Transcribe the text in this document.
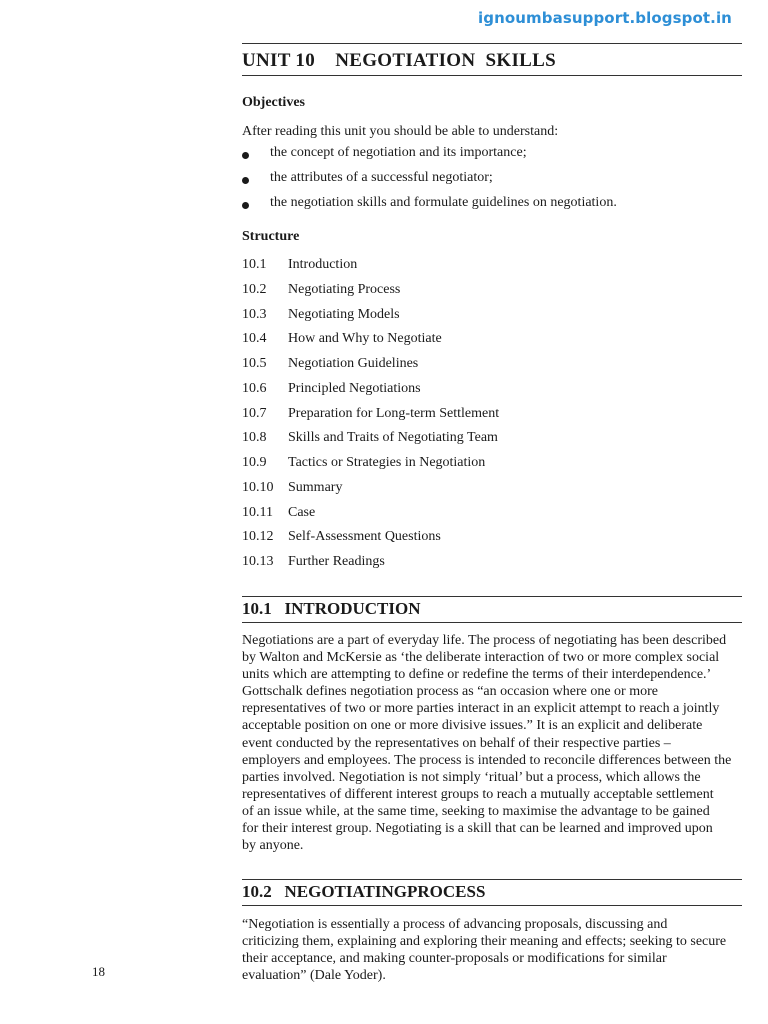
ignoumbasupport.blogspot.in
UNIT 10    NEGOTIATION  SKILLS
Objectives
After reading this unit you should be able to understand:
the concept of negotiation and its importance;
the attributes of a successful negotiator;
the negotiation skills and formulate guidelines on negotiation.
Structure
10.1	Introduction
10.2	Negotiating Process
10.3	Negotiating Models
10.4	How and Why to Negotiate
10.5	Negotiation Guidelines
10.6	Principled Negotiations
10.7	Preparation for Long-term Settlement
10.8	Skills and Traits of Negotiating Team
10.9	Tactics or Strategies in Negotiation
10.10	Summary
10.11	Case
10.12	Self-Assessment Questions
10.13	Further Readings
10.1   INTRODUCTION
Negotiations are a part of everyday life. The process of negotiating has been described
by Walton and McKersie as ‘the deliberate interaction of two or more complex social
units which are attempting to define or redefine the terms of their interdependence.’
Gottschalk defines negotiation process as “an occasion where one or more
representatives of two or more parties interact in an explicit attempt to reach a jointly
acceptable position on one or more divisive issues.” It is an explicit and deliberate
event conducted by the representatives on behalf of their respective parties –
employers and employees. The process is intended to reconcile differences between the
parties involved. Negotiation is not simply ‘ritual’ but a process, which allows the
representatives of different interest groups to reach a mutually acceptable settlement
of an issue while, at the same time, seeking to maximise the advantage to be gained
for their interest group. Negotiating is a skill that can be learned and improved upon
by anyone.
10.2   NEGOTIATINGPROCESS
“Negotiation is essentially a process of advancing proposals, discussing and
criticizing them, explaining and exploring their meaning and effects; seeking to secure
their acceptance, and making counter-proposals or modifications for similar
evaluation” (Dale Yoder).
18
